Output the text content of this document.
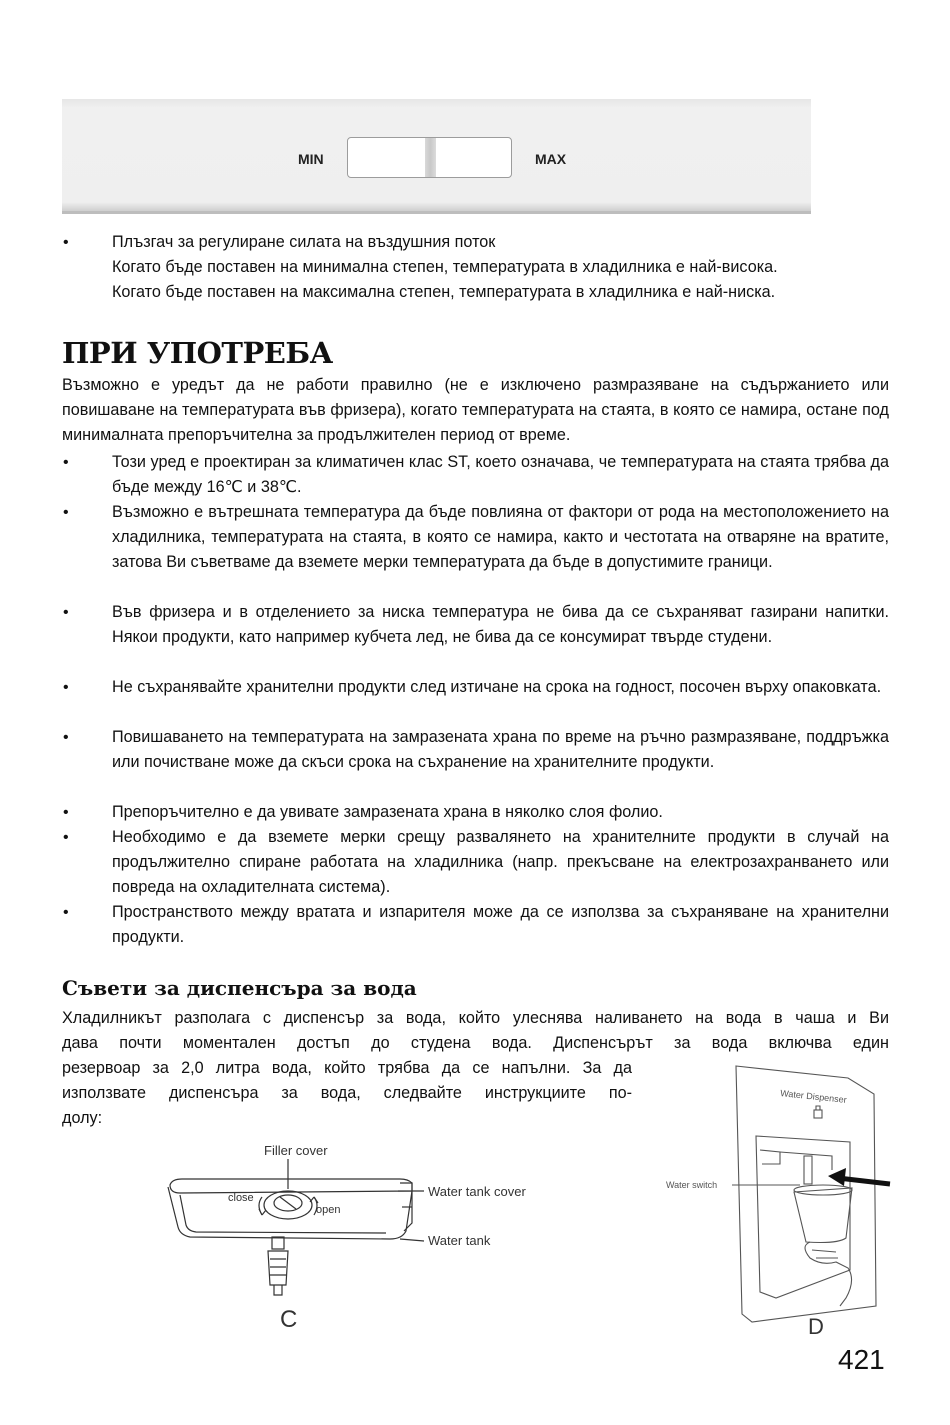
MIN	MAX
•	Плъзгач за регулиране силата на въздушния поток
Когато бъде поставен на минимална степен, температурата в хладилника е най-висока.
Когато бъде поставен на максимална степен, температурата в хладилника е най-ниска.
ПРИ УПОТРЕБА
Възможно е уредът да не работи правилно (не е изключено размразяване на съдържанието или повишаване на температурата във фризера), когато температурата на стаята, в която се намира, остане под минималната препоръчителна за продължителен период от време.
•	Този уред е проектиран за климатичен клас ST, което означава, че температурата на стаята трябва да бъде между 16℃ и 38℃.
•	Възможно е вътрешната температура да бъде повлияна от фактори от рода на местоположението на хладилника, температурата на стаята, в която се намира, както и честотата на отваряне на вратите, затова Ви съветваме да вземете мерки температурата да бъде в допустимите граници.
•	Във фризера и в отделението за ниска температура не бива да се съхраняват газирани напитки. Някои продукти, като например кубчета лед, не бива да се консумират твърде студени.
•	Не съхранявайте хранителни продукти след изтичане на срока на годност, посочен върху опаковката.
•	Повишаването на температурата на замразената храна по време на ръчно размразяване, поддръжка или почистване може да скъси срока на съхранение на хранителните продукти.
•	Препоръчително е да увивате замразената храна в няколко слоя фолио.
•	Необходимо е да вземете мерки срещу развалянето на хранителните продукти в случай на продължително спиране работата на хладилника (напр. прекъсване на електрозахранването или повреда на охладителната система).
•	Пространството между вратата и изпарителя може да се използва за съхраняване на хранителни продукти.
Съвети за диспенсъра за вода
Хладилникът разполага с диспенсър за вода, който улеснява наливането на вода в чаша и Ви
дава почти моментален достъп до студена вода. Диспенсърът за вода включва един
резервоар за 2,0 литра вода, който трябва да се напълни. За да
използвате диспенсъра за вода, следвайте инструкциите по-
долу:
Filler cover
close
open
Water tank cover
Water tank
C
Water Dispenser
Water switch
D
421
